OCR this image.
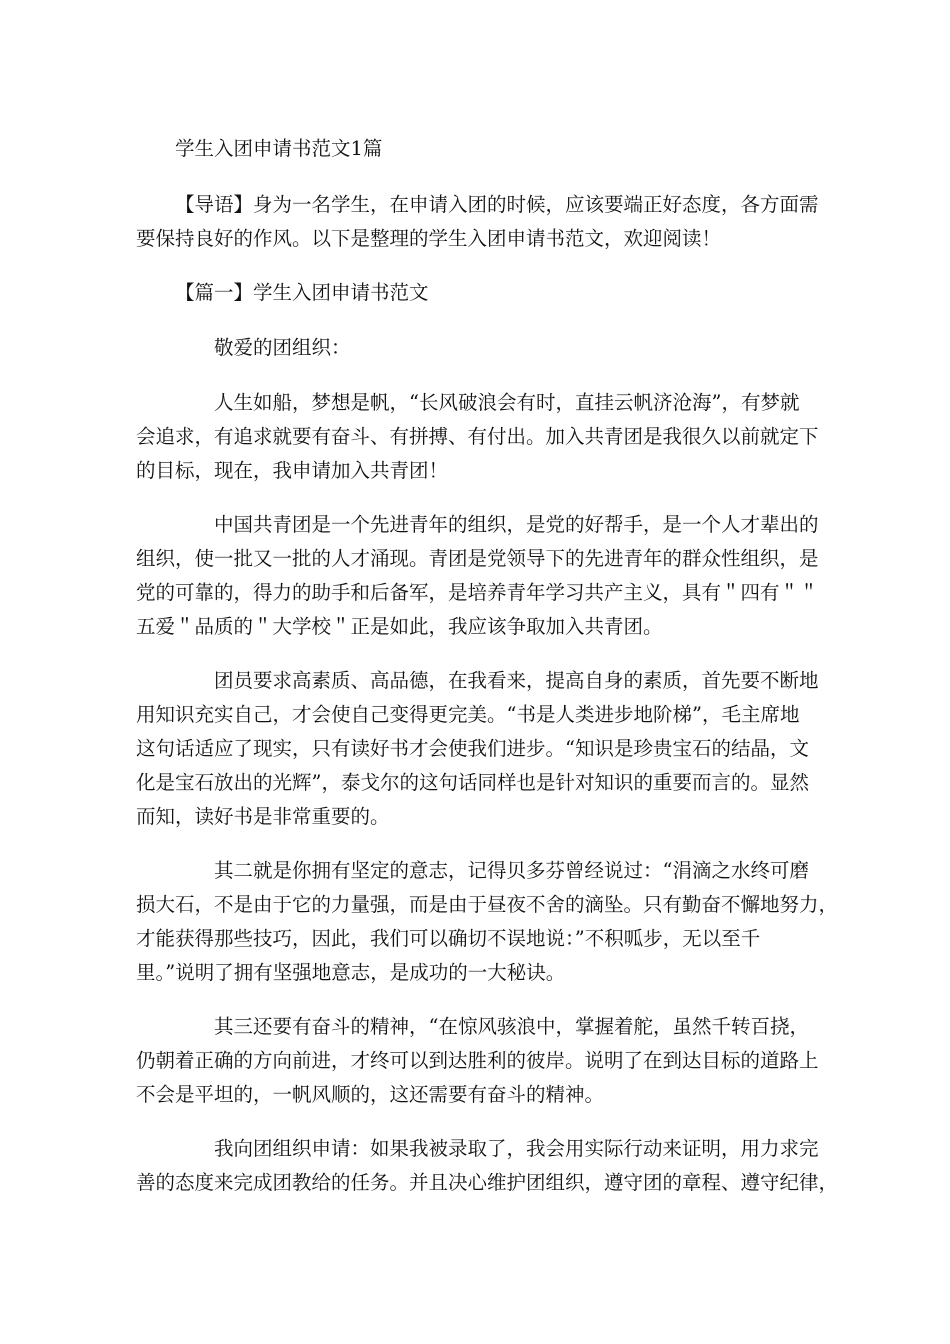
学生入团申请书范文1篇

【导语】身为一名学生，在申请入团的时候，应该要端正好态度，各方面需

要保持良好的作风。以下是整理的学生入团申请书范文，欢迎阅读！

【篇一】学生入团申请书范文

敬爱的团组织：

人生如船，梦想是帆，“长风破浪会有时，直挂云帆济沧海”，有梦就

会追求，有追求就要有奋斗、有拼搏、有付出。加入共青团是我很久以前就定下

的目标，现在，我申请加入共青团！

中国共青团是一个先进青年的组织，是党的好帮手，是一个人才辈出的

组织，使一批又一批的人才涌现。青团是党领导下的先进青年的群众性组织，是

党的可靠的，得力的助手和后备军，是培养青年学习共产主义，具有＂四有＂＂

五爱＂品质的＂大学校＂正是如此，我应该争取加入共青团。

团员要求高素质、高品德，在我看来，提高自身的素质，首先要不断地

用知识充实自己，才会使自己变得更完美。“书是人类进步地阶梯”，毛主席地

这句话适应了现实，只有读好书才会使我们进步。“知识是珍贵宝石的结晶，文

化是宝石放出的光辉”，泰戈尔的这句话同样也是针对知识的重要而言的。显然

而知，读好书是非常重要的。

其二就是你拥有坚定的意志，记得贝多芬曾经说过：“涓滴之水终可磨

损大石，不是由于它的力量强，而是由于昼夜不舍的滴坠。只有勤奋不懈地努力，

才能获得那些技巧，因此，我们可以确切不误地说：”不积呱步，无以至千

里。”说明了拥有坚强地意志，是成功的一大秘诀。

其三还要有奋斗的精神，“在惊风骇浪中，掌握着舵，虽然千转百挠，

仍朝着正确的方向前进，才终可以到达胜利的彼岸。说明了在到达目标的道路上

不会是平坦的，一帆风顺的，这还需要有奋斗的精神。

我向团组织申请：如果我被录取了，我会用实际行动来证明，用力求完

善的态度来完成团教给的任务。并且决心维护团组织，遵守团的章程、遵守纪律，
